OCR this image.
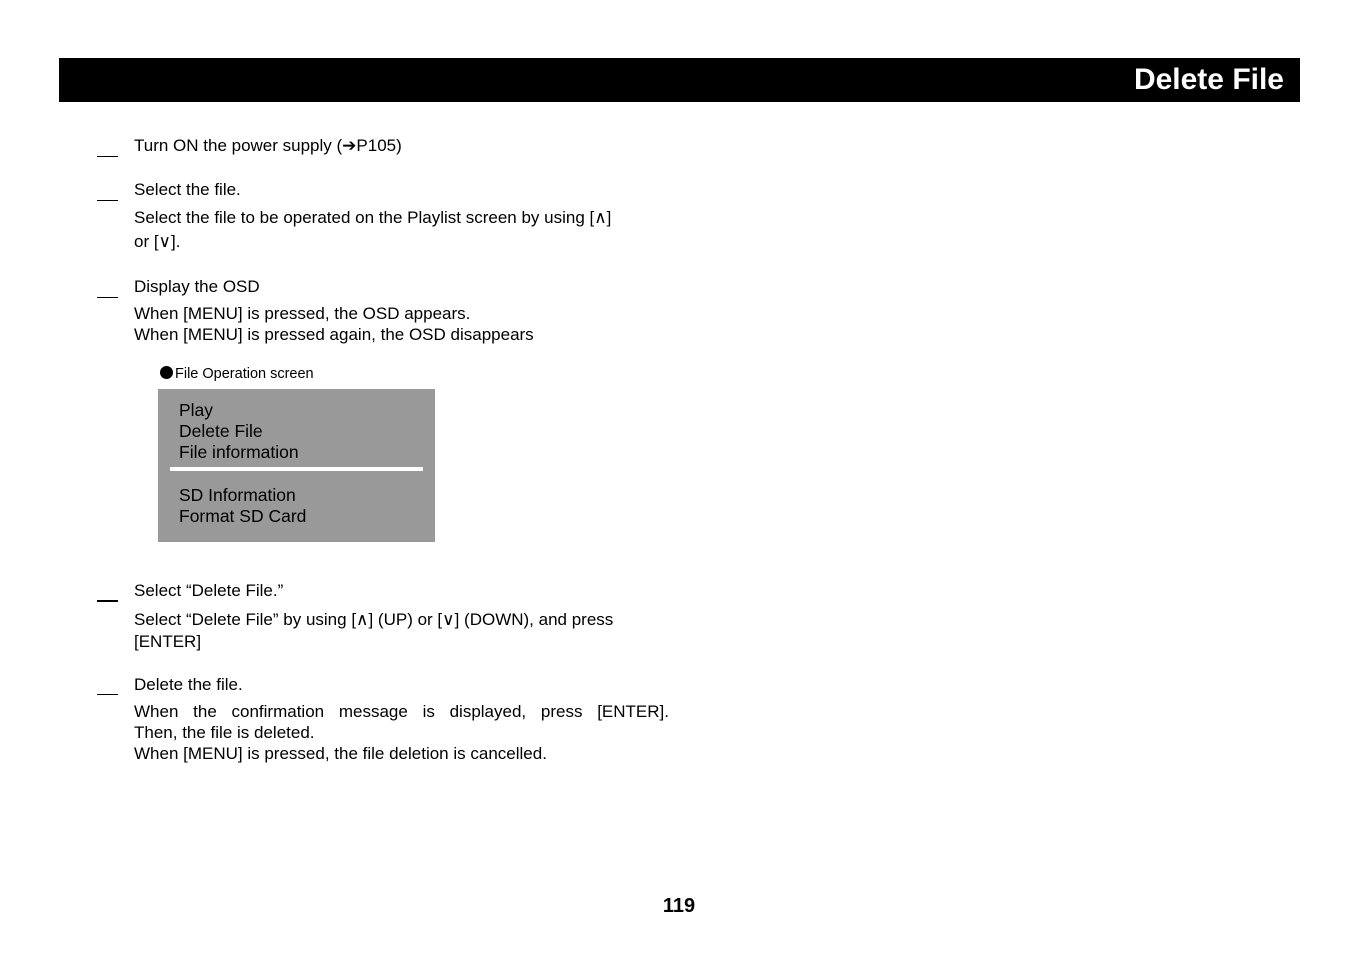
Delete File
Turn ON the power supply (➔P105)
Select the file.
Select the file to be operated on the Playlist screen by using [∧]
or [∨].
Display the OSD
When [MENU] is pressed, the OSD appears.
When [MENU] is pressed again, the OSD disappears
File Operation screen
Play
Delete File
File information
SD Information
Format SD Card
Select “Delete File.”
Select “Delete File” by using [∧] (UP) or [∨] (DOWN), and press
[ENTER]
Delete the file.
When the confirmation message is displayed, press [ENTER].
Then, the file is deleted.
When [MENU] is pressed, the file deletion is cancelled.
119
